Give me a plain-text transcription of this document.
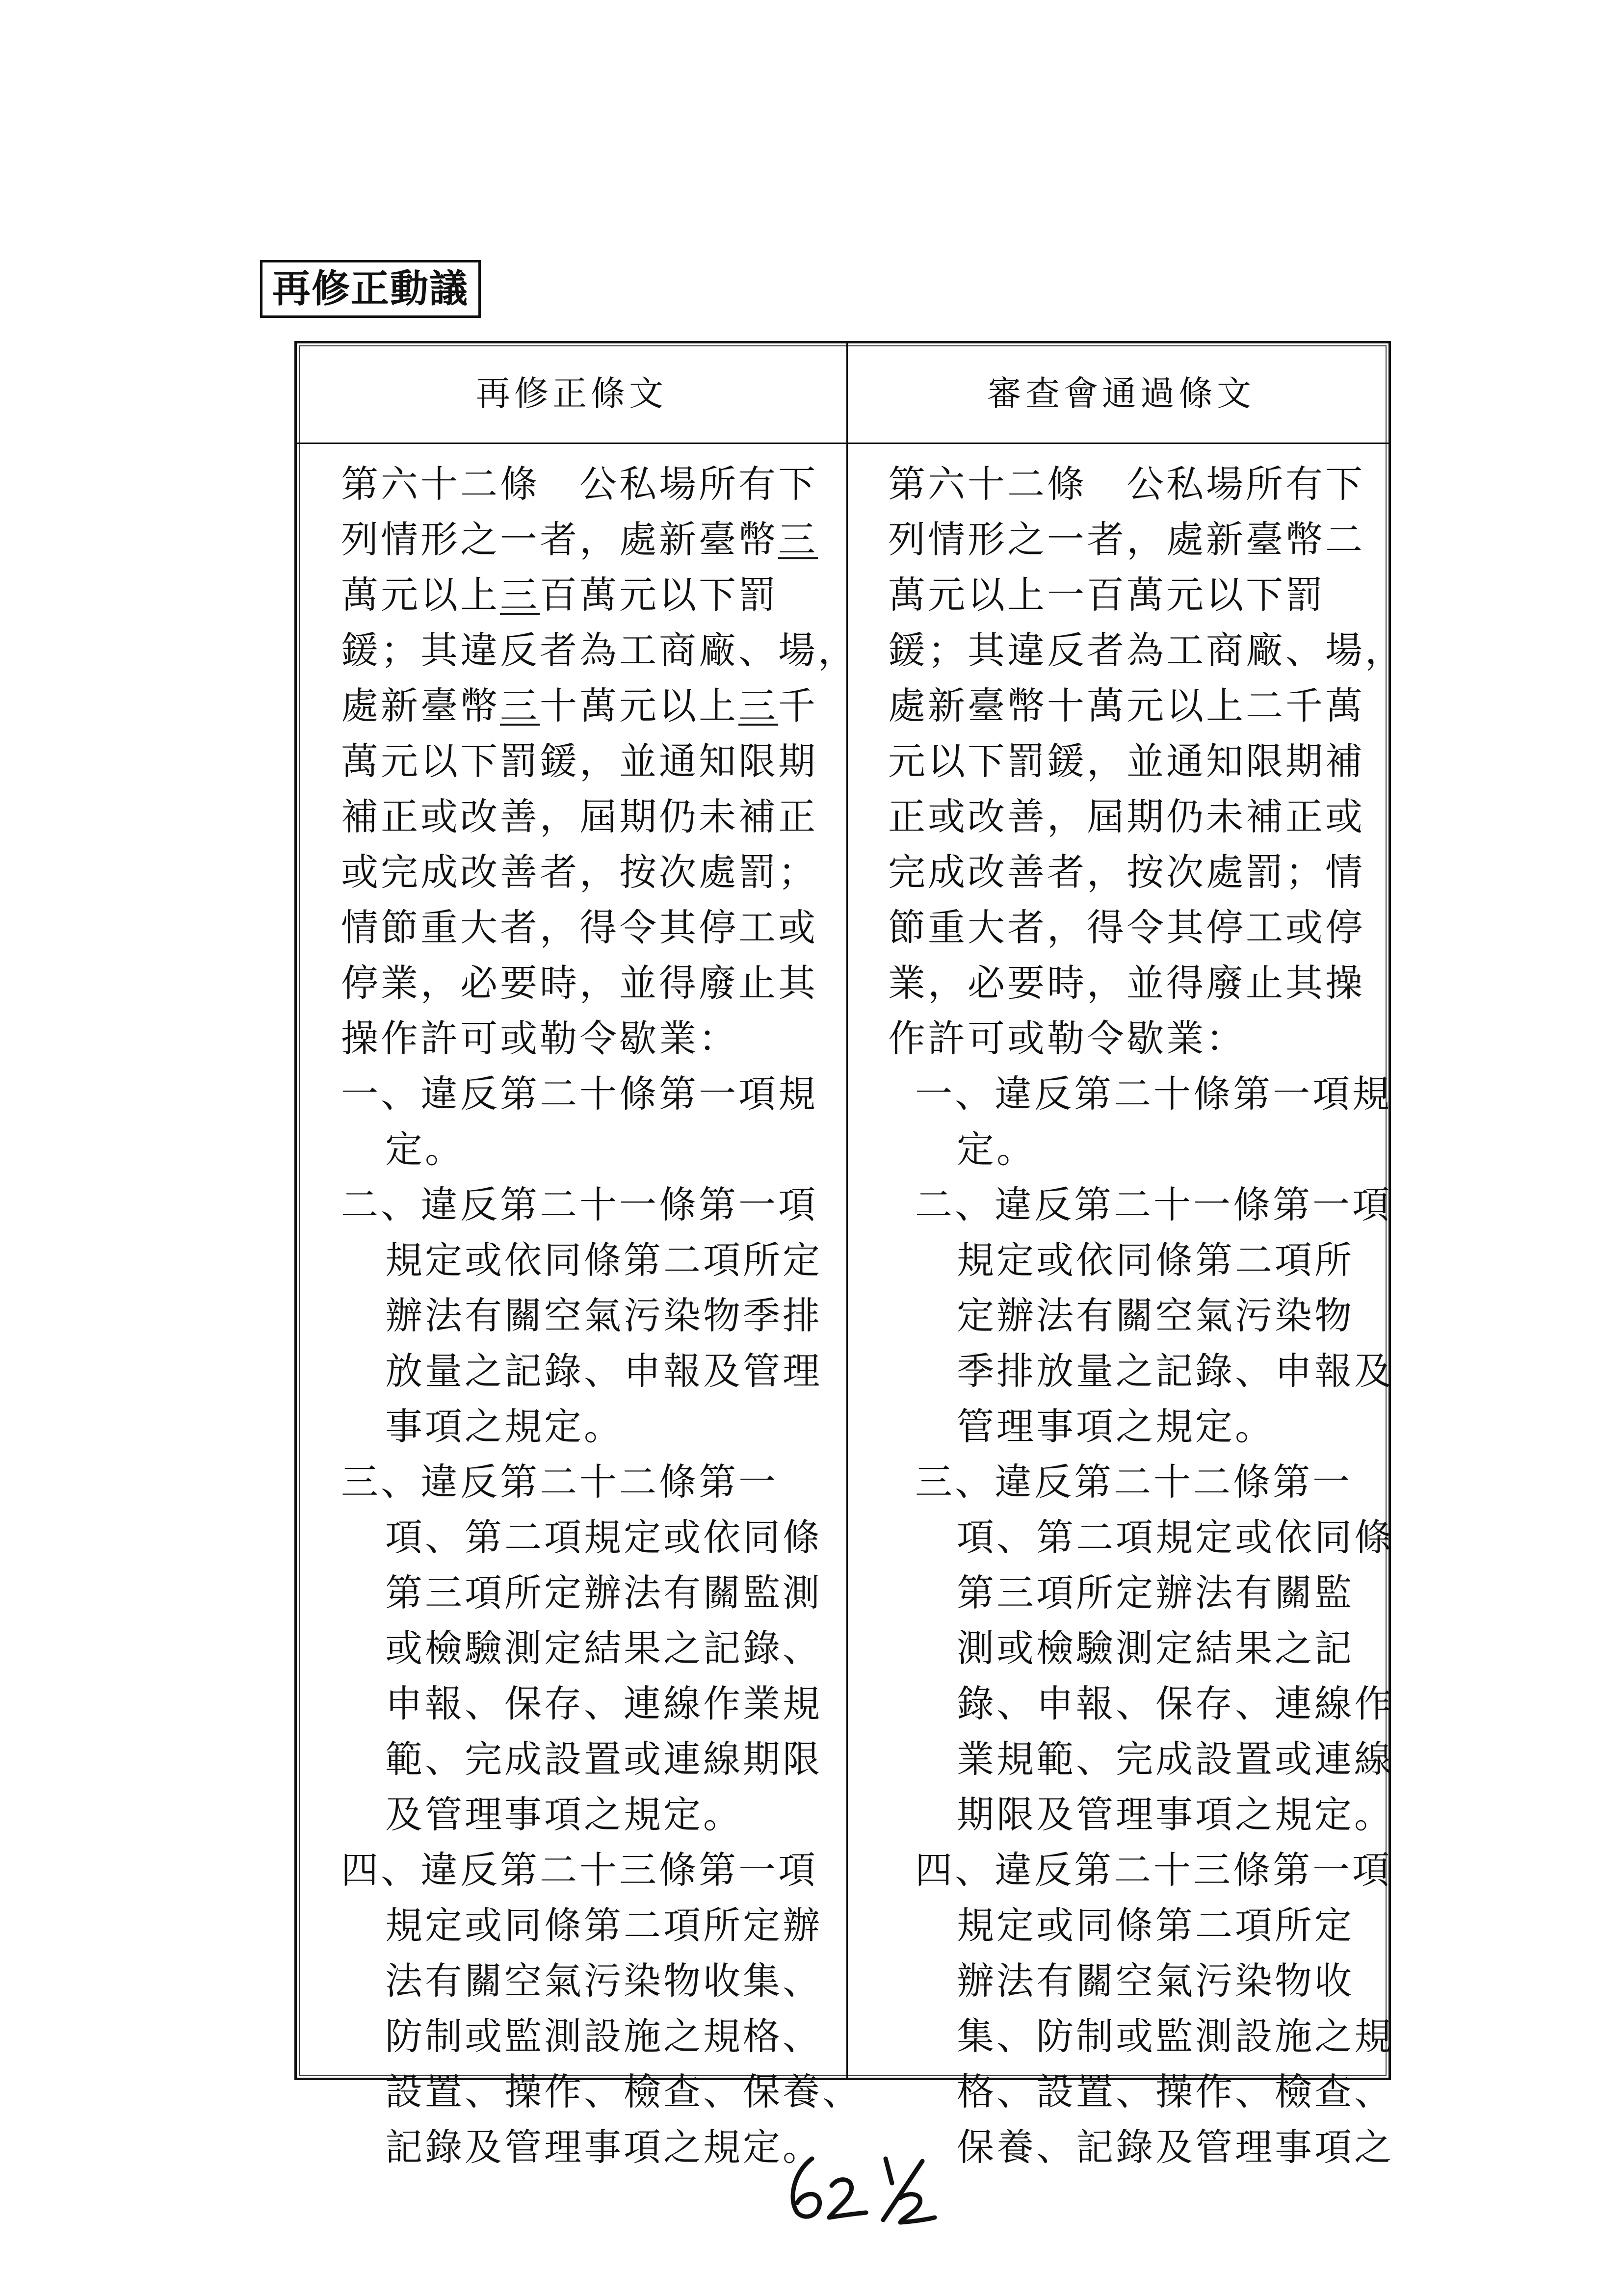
再修正動議
再修正條文	審查會通過條文
第六十二條　公私場所有下
列情形之一者，處新臺幣三
萬元以上三百萬元以下罰
鍰；其違反者為工商廠、場，
處新臺幣三十萬元以上三千
萬元以下罰鍰，並通知限期
補正或改善，屆期仍未補正
或完成改善者，按次處罰；
情節重大者，得令其停工或
停業，必要時，並得廢止其
操作許可或勒令歇業：
一、違反第二十條第一項規
定。
二、違反第二十一條第一項
規定或依同條第二項所定
辦法有關空氣污染物季排
放量之記錄、申報及管理
事項之規定。
三、違反第二十二條第一
項、第二項規定或依同條
第三項所定辦法有關監測
或檢驗測定結果之記錄、
申報、保存、連線作業規
範、完成設置或連線期限
及管理事項之規定。
四、違反第二十三條第一項
規定或同條第二項所定辦
法有關空氣污染物收集、
防制或監測設施之規格、
設置、操作、檢查、保養、
記錄及管理事項之規定。
第六十二條　公私場所有下
列情形之一者，處新臺幣二
萬元以上一百萬元以下罰
鍰；其違反者為工商廠、場，
處新臺幣十萬元以上二千萬
元以下罰鍰，並通知限期補
正或改善，屆期仍未補正或
完成改善者，按次處罰；情
節重大者，得令其停工或停
業，必要時，並得廢止其操
作許可或勒令歇業：
一、違反第二十條第一項規
定。
二、違反第二十一條第一項
規定或依同條第二項所
定辦法有關空氣污染物
季排放量之記錄、申報及
管理事項之規定。
三、違反第二十二條第一
項、第二項規定或依同條
第三項所定辦法有關監
測或檢驗測定結果之記
錄、申報、保存、連線作
業規範、完成設置或連線
期限及管理事項之規定。
四、違反第二十三條第一項
規定或同條第二項所定
辦法有關空氣污染物收
集、防制或監測設施之規
格、設置、操作、檢查、
保養、記錄及管理事項之
